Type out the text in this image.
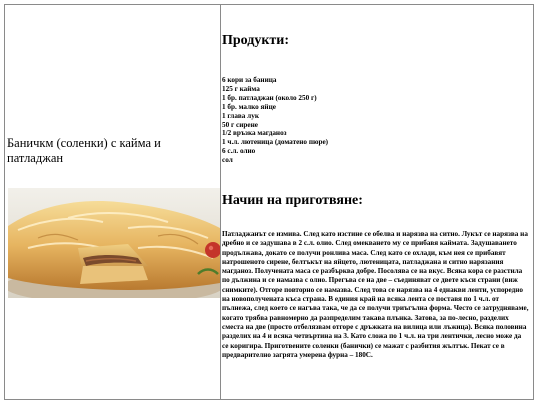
Баничкм (соленки) с кайма и патладжан
Продукти:
6 кори за баница
125 г кайма
1 бр. патладжан (около 250 г)
1 бр. малко яйце
1 глава лук
50 г сирене
1/2 връзка магданоз
1 ч.л. лютеница (доматено пюре)
6 с.л. олио
сол
Начин на приготвяне:

Патладжанът се измива. След като изстине се обелва и нарязва на ситно. Лукът се нарязва на дребно и се задушава в 2 с.л. олио. След омекването му се прибавя каймата. Задушаването продължава, докато се получи ронлива маса. След като се охлади, към нея се прибавят натрошеното сирене, белтъкът на яйцето, лютеницата, патладжана и ситно нарязания магданоз. Получената маса се разбърква добре. Посолява се на вкус. Всяка кора се разстила по дължина и се намазва с олио. Прегъва се на две – съединяват се двете къси страни (виж снимките). Отгоре повторно се намазва. След това се нарязва на 4 еднакви ленти, успоредно на новополучената къса страна. В единия край на всяка лента се поставя по 1 ч.л. от пълнежа, след което се нагъва така, че да се получи триъгълна форма. Често се затрудняваме, когато трябва равномерно да разпределим такава плънка. Затова, за по-лесно, разделих сместа на две (просто отбелязвам отгоре с дръжката на вилица или лъжица). Всяка половина разделих на 4 и всяка четвъртина на 3. Като сложа по 1 ч.л. на три лентички, лесно може да се коригира. Приготвените соленки (банички) се мажат с разбития жълтък. Пекат се в предварително загрята умерена фурна – 180С.
